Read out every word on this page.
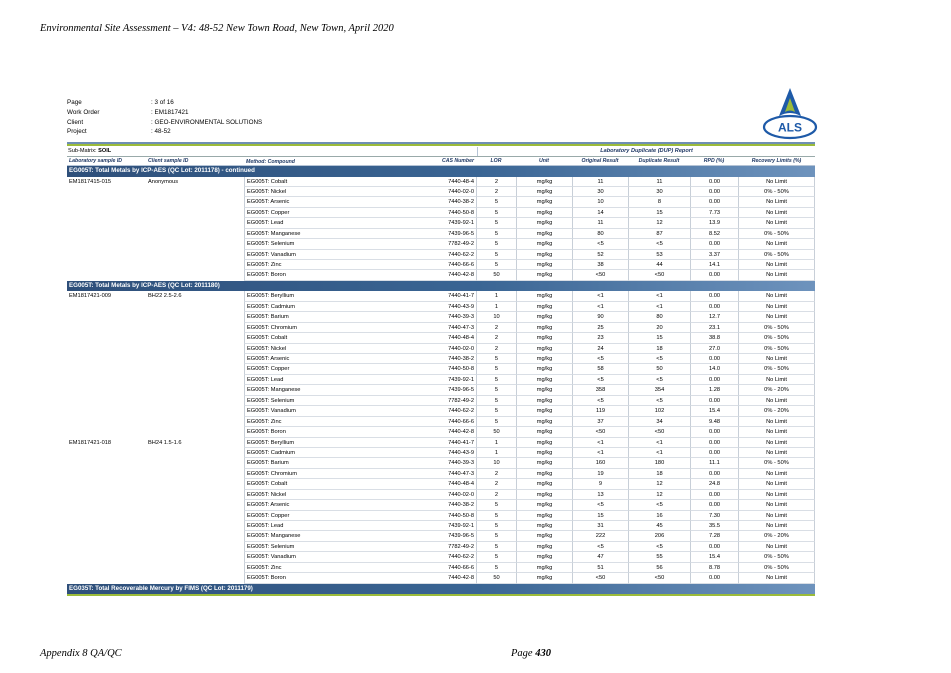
Environmental Site Assessment – V4: 48-52 New Town Road, New Town, April 2020
Page	: 3 of 16
Work Order	: EM1817421
Client	: GEO-ENVIRONMENTAL SOLUTIONS
Project	: 48-52	ALS
Sub-Matrix: SOIL	Laboratory Duplicate (DUP) Report
Laboratory sample ID	Client sample ID	Method: Compound	CAS Number	LOR	Unit	Original Result	Duplicate Result	RPD (%)	Recovery Limits (%)
EG005T: Total Metals by ICP-AES (QC Lot: 2011178) - continued
EM1817415-015	Anonymous	EG005T: Cobalt	7440-48-4	2	mg/kg	11	11	0.00	No Limit
EG005T: Nickel	7440-02-0	2	mg/kg	30	30	0.00	0% - 50%
EG005T: Arsenic	7440-38-2	5	mg/kg	10	8	0.00	No Limit
EG005T: Copper	7440-50-8	5	mg/kg	14	15	7.73	No Limit
EG005T: Lead	7439-92-1	5	mg/kg	11	12	13.9	No Limit
EG005T: Manganese	7439-96-5	5	mg/kg	80	87	8.52	0% - 50%
EG005T: Selenium	7782-49-2	5	mg/kg	<5	<5	0.00	No Limit
EG005T: Vanadium	7440-62-2	5	mg/kg	52	53	3.37	0% - 50%
EG005T: Zinc	7440-66-6	5	mg/kg	38	44	14.1	No Limit
EG005T: Boron	7440-42-8	50	mg/kg	<50	<50	0.00	No Limit
EG005T: Total Metals by ICP-AES (QC Lot: 2011180)
EM1817421-009	BH22 2.5-2.6	EG005T: Beryllium	7440-41-7	1	mg/kg	<1	<1	0.00	No Limit
EG005T: Cadmium	7440-43-9	1	mg/kg	<1	<1	0.00	No Limit
EG005T: Barium	7440-39-3	10	mg/kg	90	80	12.7	No Limit
EG005T: Chromium	7440-47-3	2	mg/kg	25	20	23.1	0% - 50%
EG005T: Cobalt	7440-48-4	2	mg/kg	23	15	38.8	0% - 50%
EG005T: Nickel	7440-02-0	2	mg/kg	24	18	27.0	0% - 50%
EG005T: Arsenic	7440-38-2	5	mg/kg	<5	<5	0.00	No Limit
EG005T: Copper	7440-50-8	5	mg/kg	58	50	14.0	0% - 50%
EG005T: Lead	7439-92-1	5	mg/kg	<5	<5	0.00	No Limit
EG005T: Manganese	7439-96-5	5	mg/kg	358	354	1.28	0% - 20%
EG005T: Selenium	7782-49-2	5	mg/kg	<5	<5	0.00	No Limit
EG005T: Vanadium	7440-62-2	5	mg/kg	119	102	15.4	0% - 20%
EG005T: Zinc	7440-66-6	5	mg/kg	37	34	9.48	No Limit
EG005T: Boron	7440-42-8	50	mg/kg	<50	<50	0.00	No Limit
EM1817421-018	BH24 1.5-1.6	EG005T: Beryllium	7440-41-7	1	mg/kg	<1	<1	0.00	No Limit
EG005T: Cadmium	7440-43-9	1	mg/kg	<1	<1	0.00	No Limit
EG005T: Barium	7440-39-3	10	mg/kg	160	180	11.1	0% - 50%
EG005T: Chromium	7440-47-3	2	mg/kg	19	18	0.00	No Limit
EG005T: Cobalt	7440-48-4	2	mg/kg	9	12	24.8	No Limit
EG005T: Nickel	7440-02-0	2	mg/kg	13	12	0.00	No Limit
EG005T: Arsenic	7440-38-2	5	mg/kg	<5	<5	0.00	No Limit
EG005T: Copper	7440-50-8	5	mg/kg	15	16	7.30	No Limit
EG005T: Lead	7439-92-1	5	mg/kg	31	45	35.5	No Limit
EG005T: Manganese	7439-96-5	5	mg/kg	222	206	7.28	0% - 20%
EG005T: Selenium	7782-49-2	5	mg/kg	<5	<5	0.00	No Limit
EG005T: Vanadium	7440-62-2	5	mg/kg	47	55	15.4	0% - 50%
EG005T: Zinc	7440-66-6	5	mg/kg	51	56	8.78	0% - 50%
EG005T: Boron	7440-42-8	50	mg/kg	<50	<50	0.00	No Limit
EG035T: Total Recoverable Mercury by FIMS (QC Lot: 2011179)
Appendix 8 QA/QC	Page 430
